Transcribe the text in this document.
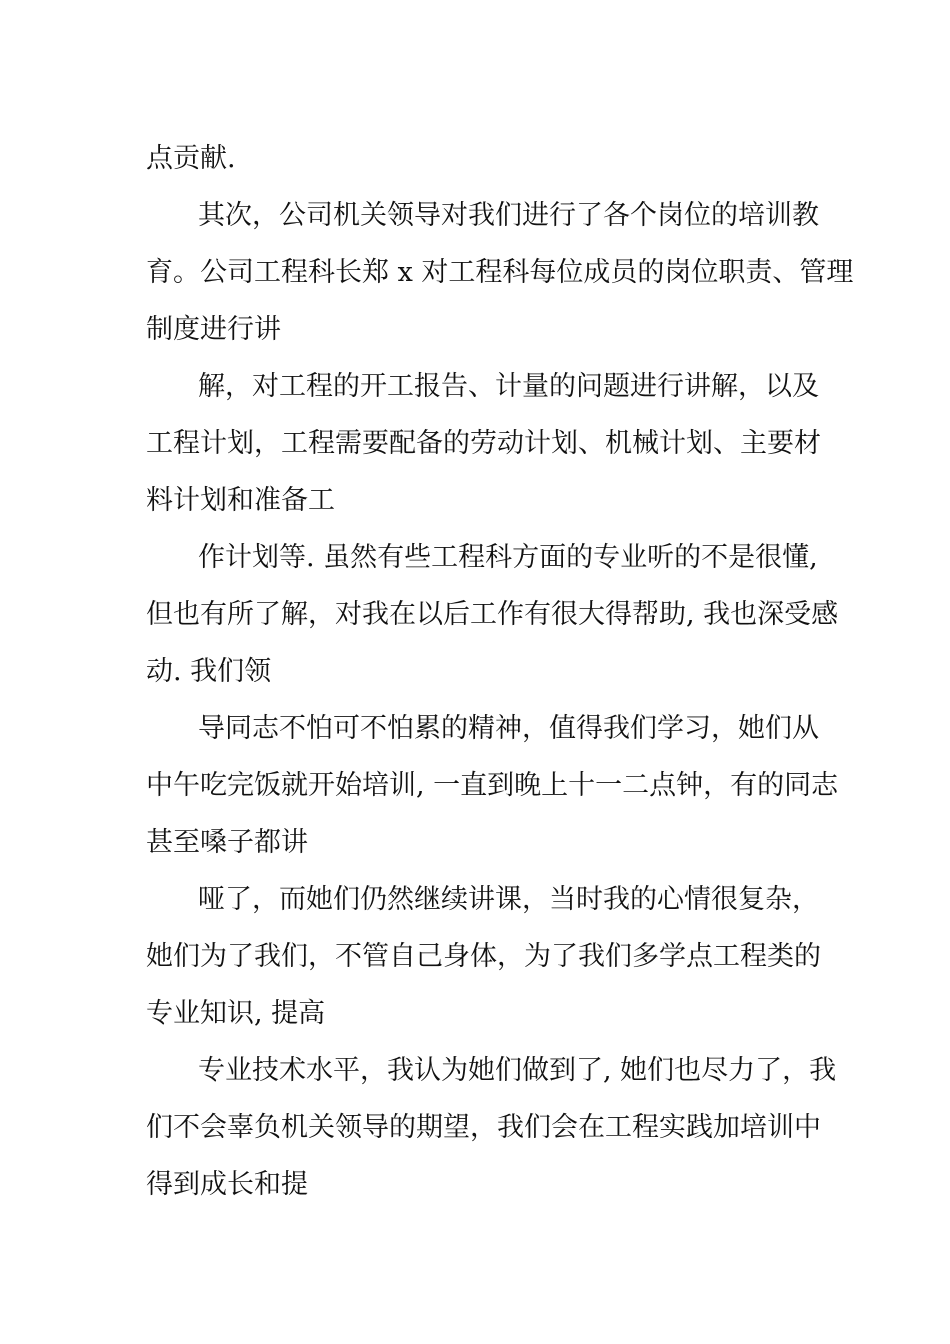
点贡献.
其次，公司机关领导对我们进行了各个岗位的培训教
育。公司工程科长郑 x 对工程科每位成员的岗位职责、管理
制度进行讲
解，对工程的开工报告、计量的问题进行讲解，以及
工程计划，工程需要配备的劳动计划、机械计划、主要材
料计划和准备工
作计划等. 虽然有些工程科方面的专业听的不是很懂,
但也有所了解，对我在以后工作有很大得帮助, 我也深受感
动. 我们领
导同志不怕可不怕累的精神，值得我们学习，她们从
中午吃完饭就开始培训, 一直到晚上十一二点钟，有的同志
甚至嗓子都讲
哑了，而她们仍然继续讲课，当时我的心情很复杂，
她们为了我们，不管自己身体，为了我们多学点工程类的
专业知识, 提高
专业技术水平，我认为她们做到了, 她们也尽力了，我
们不会辜负机关领导的期望，我们会在工程实践加培训中
得到成长和提
